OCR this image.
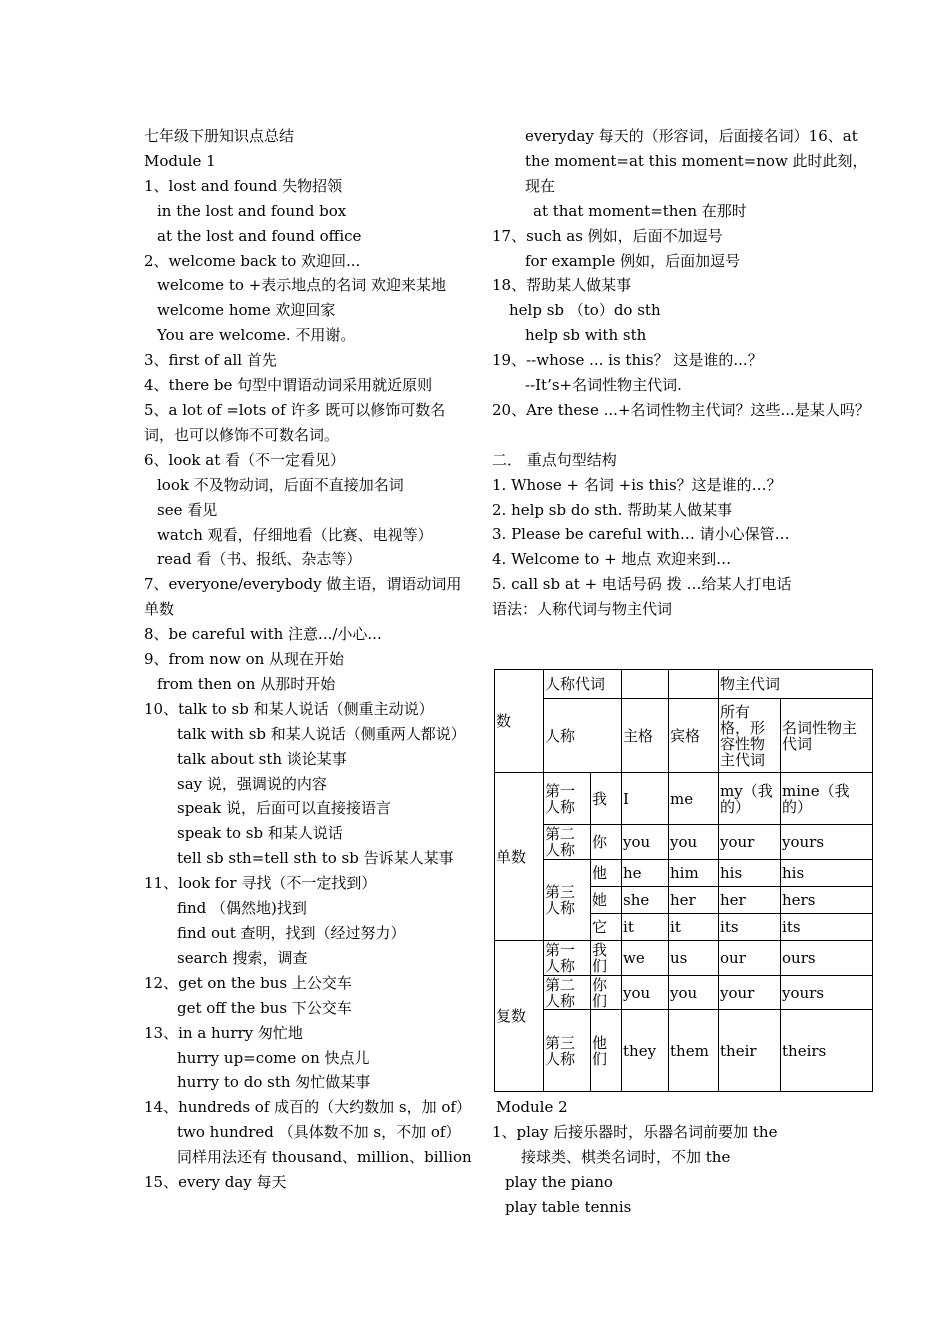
七年级下册知识点总结
Module 1
1、lost and found 失物招领
in the lost and found box
at the lost and found office
2、welcome back to 欢迎回...
welcome to +表示地点的名词 欢迎来某地
welcome home 欢迎回家
You are welcome. 不用谢。
3、first of all 首先
4、there be 句型中谓语动词采用就近原则
5、a lot of =lots of 许多 既可以修饰可数名词，也可以修饰不可数名词。
6、look at 看（不一定看见）
look 不及物动词，后面不直接加名词
see 看见
watch 观看，仔细地看（比赛、电视等）
read 看（书、报纸、杂志等）
7、everyone/everybody 做主语，谓语动词用单数
8、be careful with 注意.../小心...
9、from now on 从现在开始
from then on 从那时开始
10、talk to sb 和某人说话（侧重主动说）
talk with sb 和某人说话（侧重两人都说）
talk about sth 谈论某事
say 说，强调说的内容
speak 说，后面可以直接接语言
speak to sb 和某人说话
tell sb sth=tell sth to sb 告诉某人某事
11、look for 寻找（不一定找到）
find （偶然地)找到
find out 查明，找到（经过努力）
search 搜索，调查
12、get on the bus 上公交车
get off the bus 下公交车
13、in a hurry 匆忙地
hurry up=come on 快点儿
hurry to do sth 匆忙做某事
14、hundreds of 成百的（大约数加 s，加 of）
two hundred （具体数不加 s，不加 of）
同样用法还有 thousand、million、billion
15、every day 每天
everyday 每天的（形容词，后面接名词）16、at the moment=at this moment=now 此时此刻，现在
at that moment=then 在那时
17、such as 例如，后面不加逗号
for example 例如，后面加逗号
18、帮助某人做某事
help sb （to）do sth
help sb with sth
19、--whose ... is this？ 这是谁的...？
--It’s+名词性物主代词.
20、Are these ...+名词性物主代词？这些...是某人吗？
二． 重点句型结构
1. Whose + 名词 +is this？这是谁的…？
2. help sb do sth. 帮助某人做某事
3. Please be careful with… 请小心保管…
4. Welcome to + 地点 欢迎来到…
5. call sb at + 电话号码 拨 …给某人打电话
语法：人称代词与物主代词
数	人称代词				物主代词	
	人称		主格	宾格	所有格，形容性物主代词	名词性物主代词
单数	第一人称	我	I	me	my（我的）	mine（我的）
	第二人称	你	you	you	your	yours
	第三人称	他	he	him	his	his
		她	she	her	her	hers
		它	it	it	its	its
复数	第一人称	我们	we	us	our	ours
	第二人称	你们	you	you	your	yours
	第三人称	他们	they	them	their	theirs
Module 2
1、play 后接乐器时，乐器名词前要加 the
接球类、棋类名词时，不加 the
play the piano
play table tennis
